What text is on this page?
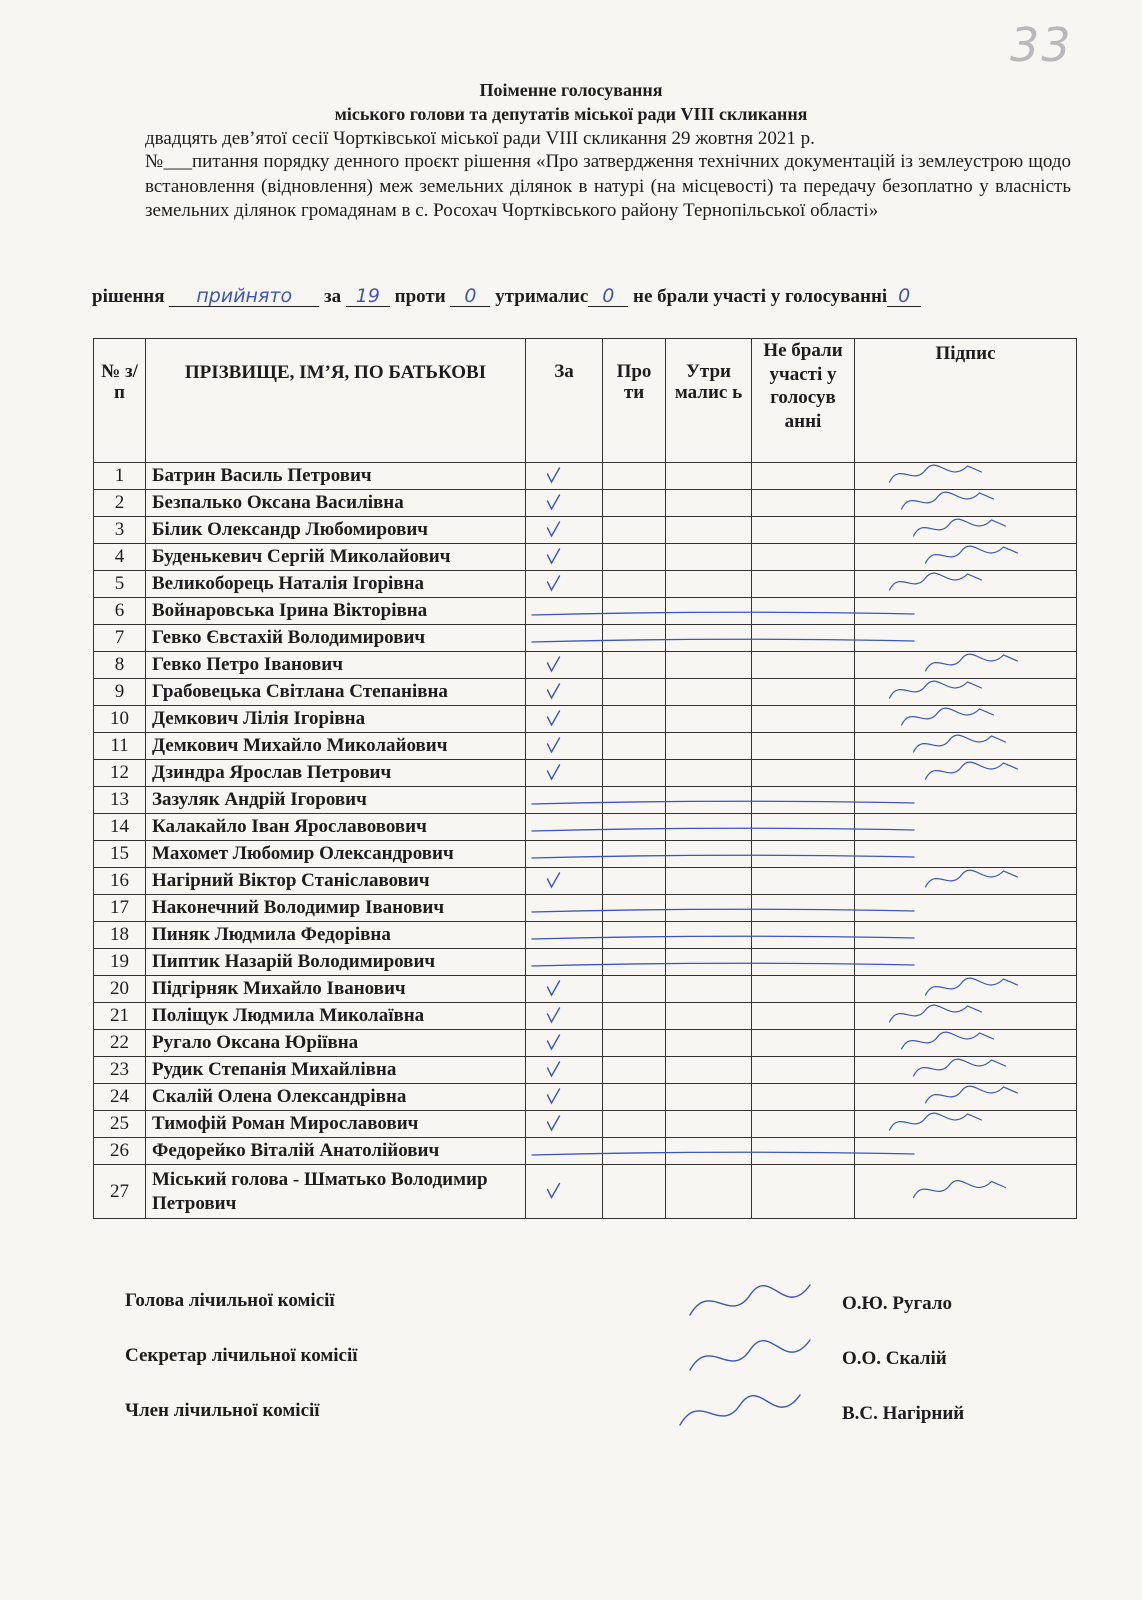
33
Поіменне голосування
міського голови та депутатів міської ради VIII скликання
двадцять дев’ятої сесії Чортківської міської ради VIII скликання 29 жовтня 2021 р.
№___питання порядку денного проєкт рішення «Про затвердження технічних документацій із землеустрою щодо встановлення (відновлення) меж земельних ділянок в натурі (на місцевості) та передачу безоплатно у власність земельних ділянок громадянам в с. Росохач Чортківського району Тернопільської області»
рішення прийнято за 19 проти 0 утрималис 0 не брали участі у голосуванні 0
№ з/п	ПРІЗВИЩЕ, ІМ’Я, ПО БАТЬКОВІ	За	Про ти	Утри малис ь	Не брали участі у голосув анні	Підпис
1	Батрин Василь Петрович					
2	Безпалько Оксана Василівна					
3	Білик Олександр Любомирович					
4	Буденькевич Сергій Миколайович					
5	Великоборець Наталія Ігорівна					
6	Войнаровська Ірина Вікторівна					
7	Гевко Євстахій Володимирович					
8	Гевко Петро Іванович					
9	Грабовецька Світлана Степанівна					
10	Демкович Лілія Ігорівна					
11	Демкович Михайло Миколайович					
12	Дзиндра Ярослав Петрович					
13	Зазуляк Андрій Ігорович					
14	Калакайло Іван Ярославовович					
15	Махомет Любомир Олександрович					
16	Нагірний Віктор Станіславович					
17	Наконечний Володимир Іванович					
18	Пиняк Людмила Федорівна					
19	Пиптик Назарій Володимирович					
20	Підгірняк Михайло Іванович					
21	Поліщук Людмила Миколаївна					
22	Ругало Оксана Юріївна					
23	Рудик Степанія Михайлівна					
24	Скалій Олена Олександрівна					
25	Тимофій Роман Мирославович					
26	Федорейко Віталій Анатолійович					
27	Міський голова - Шматько Володимир Петрович					
Голова лічильної комісії
Секретар лічильної комісії
Член лічильної комісії
О.Ю. Ругало
О.О. Скалій
В.С. Нагірний
